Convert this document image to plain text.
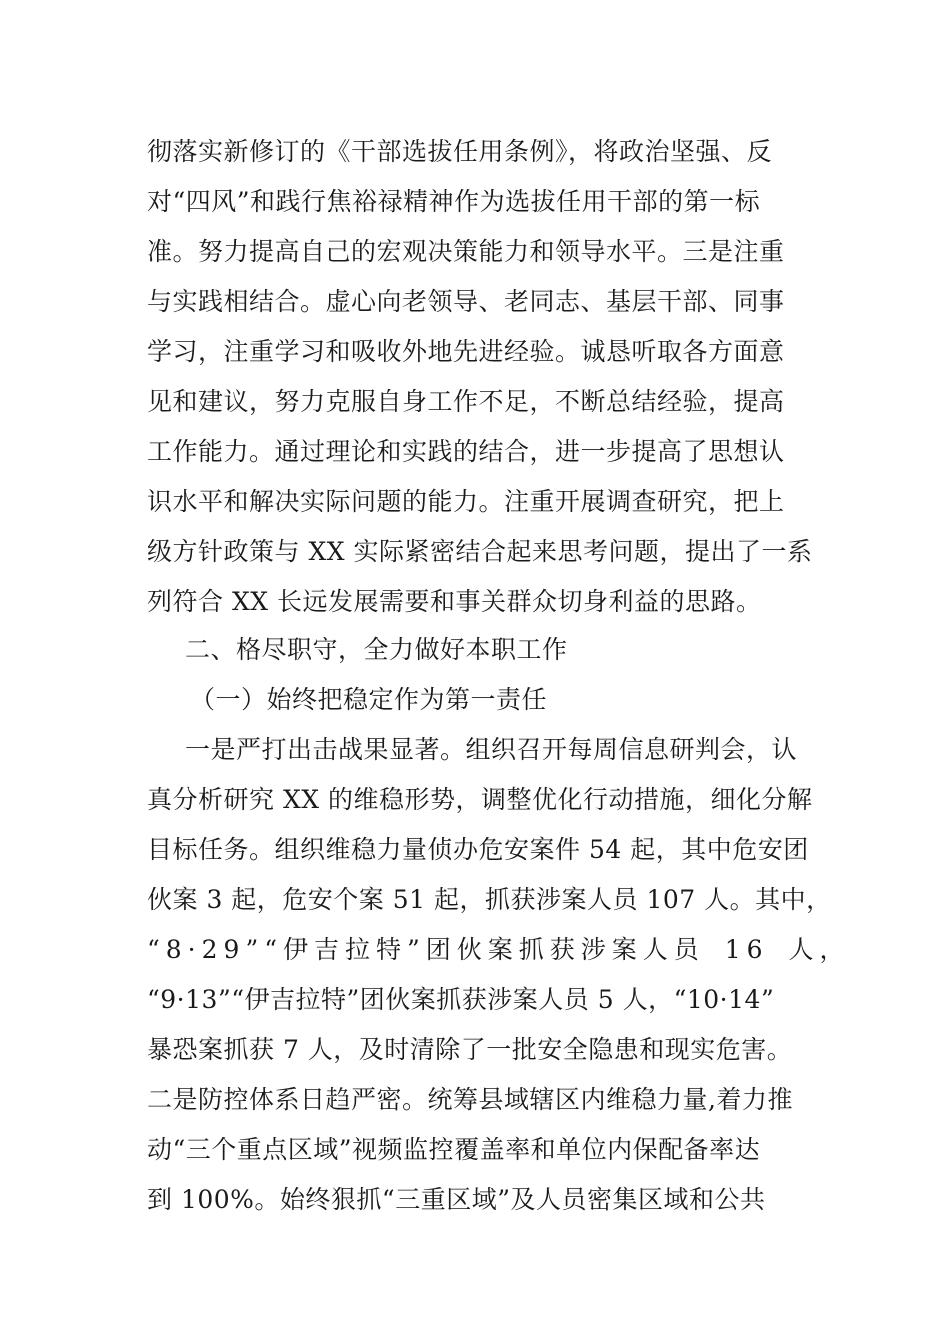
彻落实新修订的《干部选拔任用条例》，将政治坚强、反
对“四风”和践行焦裕禄精神作为选拔任用干部的第一标
准。努力提高自己的宏观决策能力和领导水平。三是注重
与实践相结合。虚心向老领导、老同志、基层干部、同事
学习，注重学习和吸收外地先进经验。诚恳听取各方面意
见和建议，努力克服自身工作不足，不断总结经验，提高
工作能力。通过理论和实践的结合，进一步提高了思想认
识水平和解决实际问题的能力。注重开展调查研究，把上
级方针政策与 XX 实际紧密结合起来思考问题，提出了一系
列符合 XX 长远发展需要和事关群众切身利益的思路。
二、格尽职守，全力做好本职工作
（一）始终把稳定作为第一责任
一是严打出击战果显著。组织召开每周信息研判会，认
真分析研究 XX 的维稳形势，调整优化行动措施，细化分解
目标任务。组织维稳力量侦办危安案件 54 起，其中危安团
伙案 3 起，危安个案 51 起，抓获涉案人员 107 人。其中，
“8·29”“伊吉拉特”团伙案抓获涉案人员 16 人，
“9·13”“伊吉拉特”团伙案抓获涉案人员 5 人，“10·14”
暴恐案抓获 7 人，及时清除了一批安全隐患和现实危害。
二是防控体系日趋严密。统筹县域辖区内维稳力量,着力推
动“三个重点区域”视频监控覆盖率和单位内保配备率达
到 100%。始终狠抓“三重区域”及人员密集区域和公共
